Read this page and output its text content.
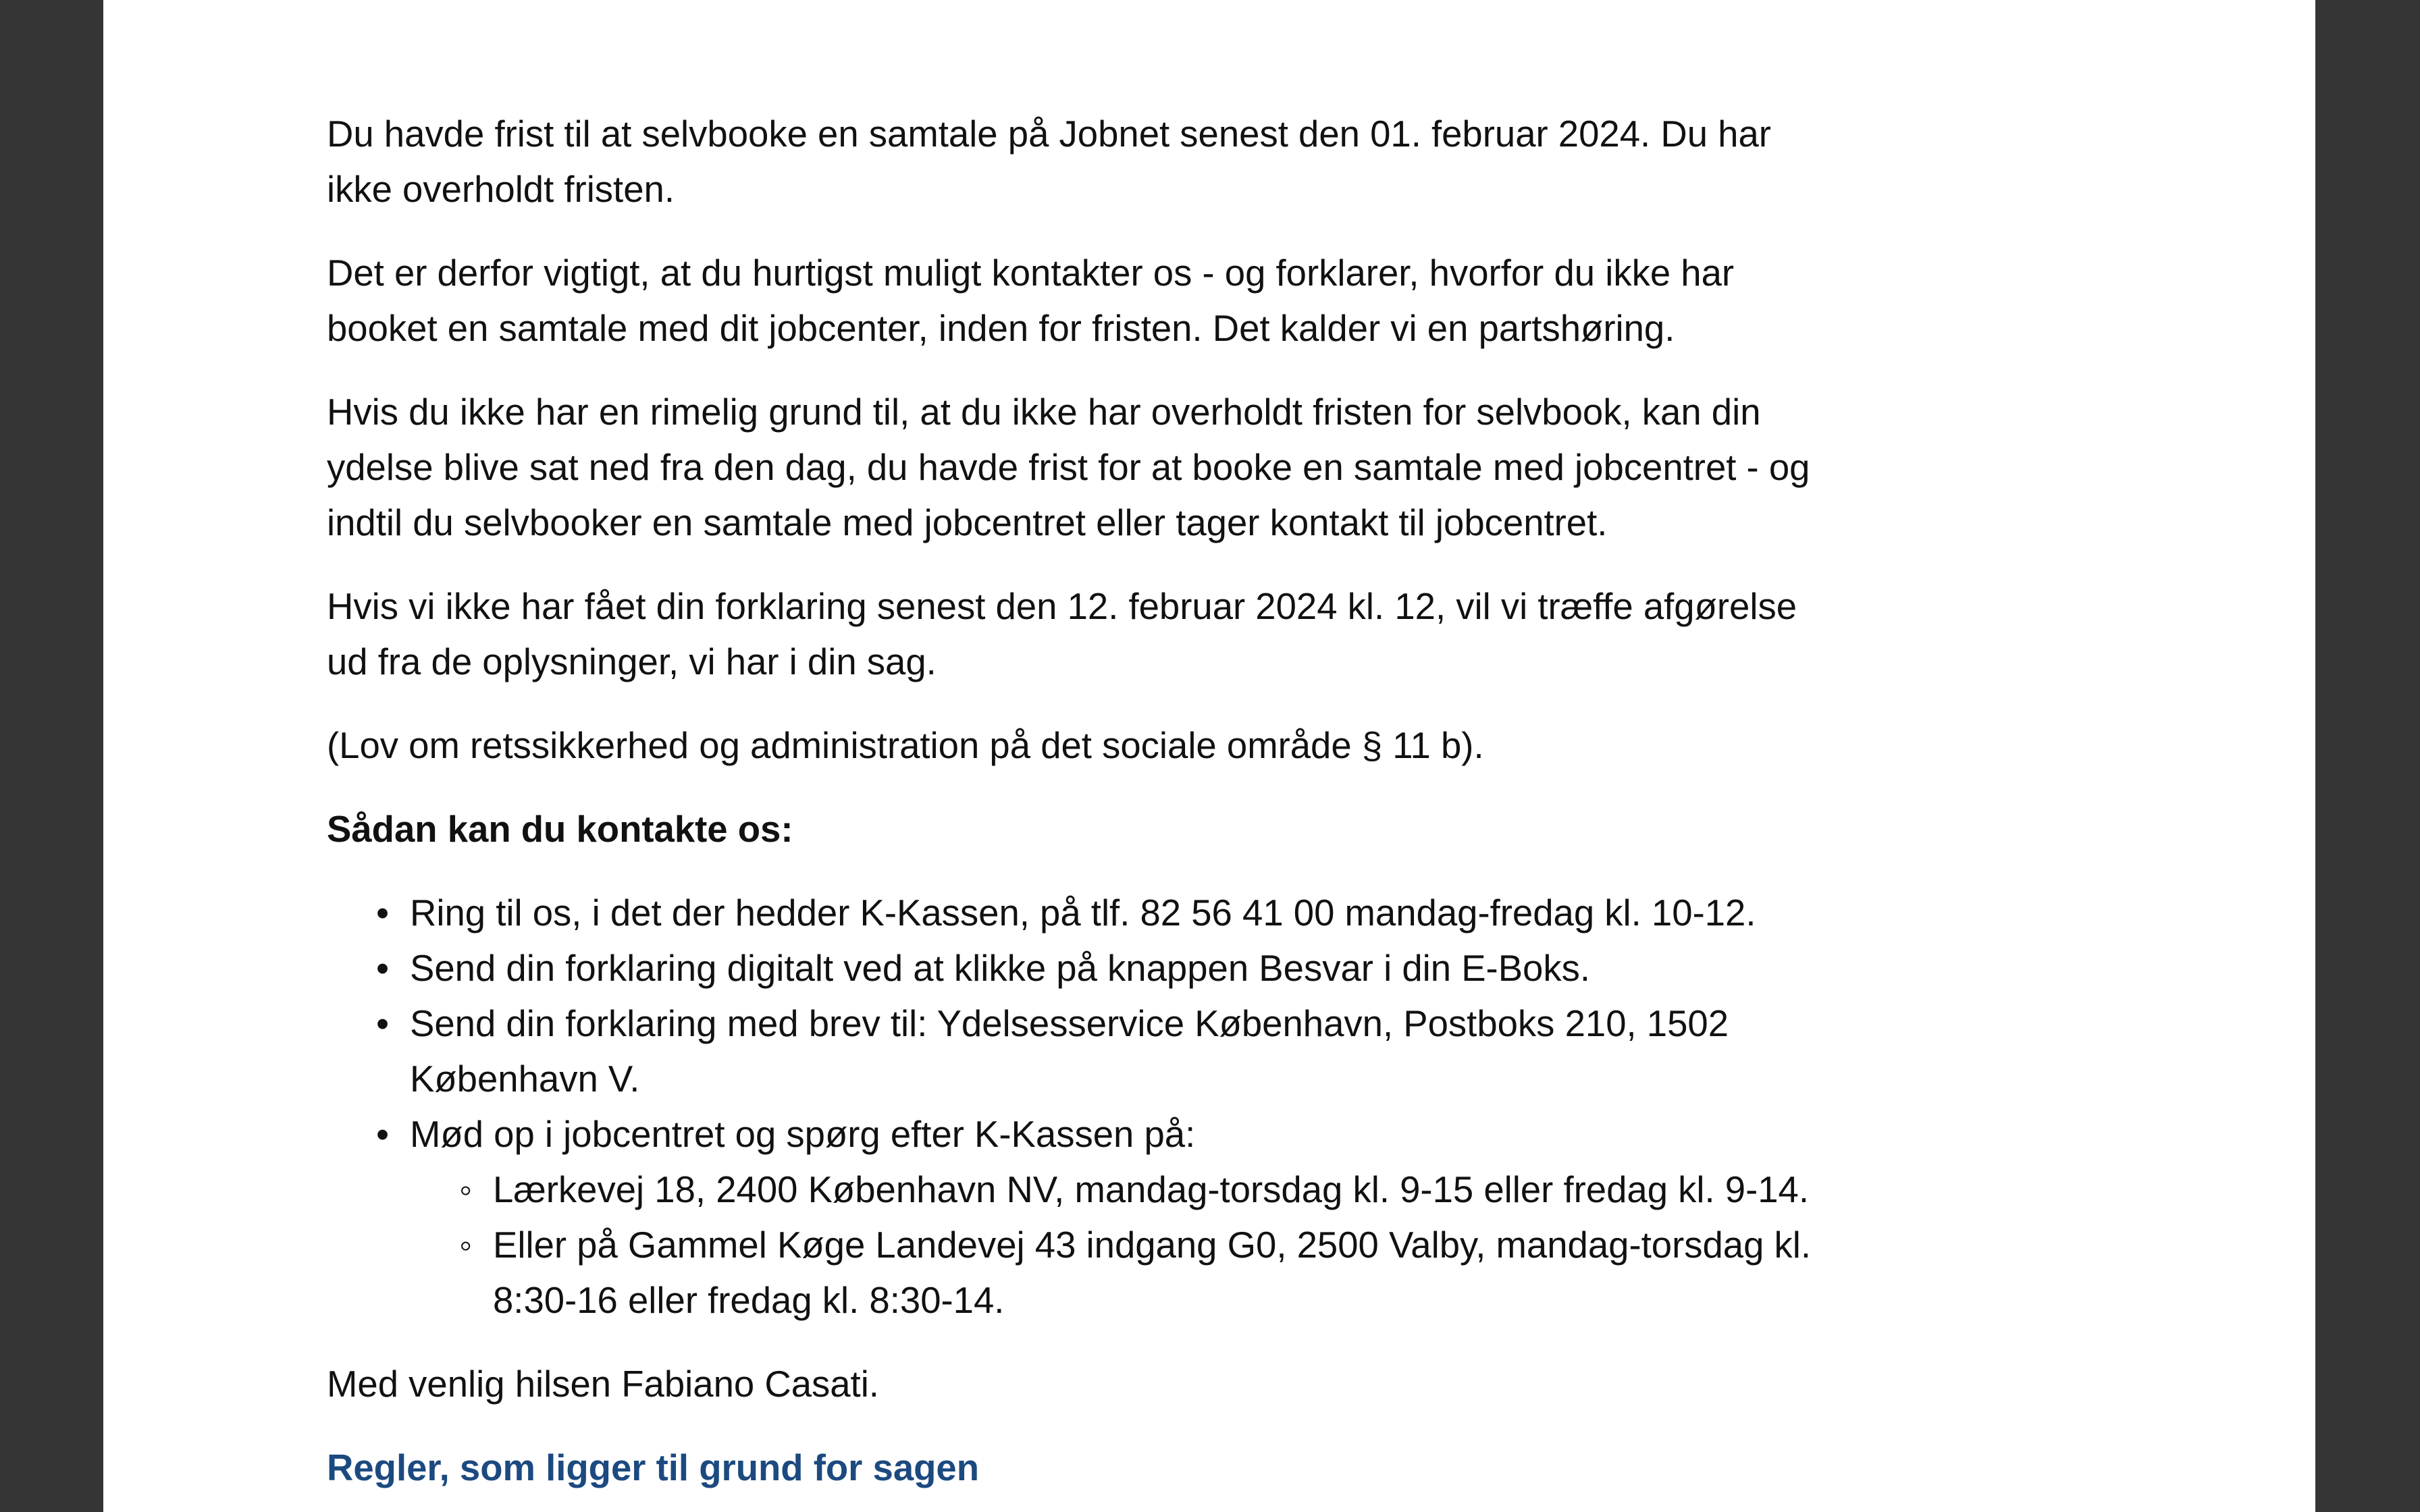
Du havde frist til at selvbooke en samtale på Jobnet senest den 01. februar 2024. Du har ikke overholdt fristen.

Det er derfor vigtigt, at du hurtigst muligt kontakter os - og forklarer, hvorfor du ikke har booket en samtale med dit jobcenter, inden for fristen. Det kalder vi en partshøring.

Hvis du ikke har en rimelig grund til, at du ikke har overholdt fristen for selvbook, kan din ydelse blive sat ned fra den dag, du havde frist for at booke en samtale med jobcentret - og indtil du selvbooker en samtale med jobcentret eller tager kontakt til jobcentret.

Hvis vi ikke har fået din forklaring senest den 12. februar 2024 kl. 12, vil vi træffe afgørelse ud fra de oplysninger, vi har i din sag.

(Lov om retssikkerhed og administration på det sociale område § 11 b).

Sådan kan du kontakte os:

• Ring til os, i det der hedder K-Kassen, på tlf. 82 56 41 00 mandag-fredag kl. 10-12.
• Send din forklaring digitalt ved at klikke på knappen Besvar i din E-Boks.
• Send din forklaring med brev til: Ydelsesservice København, Postboks 210, 1502 København V.
• Mød op i jobcentret og spørg efter K-Kassen på:
◦ Lærkevej 18, 2400 København NV, mandag-torsdag kl. 9-15 eller fredag kl. 9-14.
◦ Eller på Gammel Køge Landevej 43 indgang G0, 2500 Valby, mandag-torsdag kl. 8:30-16 eller fredag kl. 8:30-14.

Med venlig hilsen Fabiano Casati.

Regler, som ligger til grund for sagen
